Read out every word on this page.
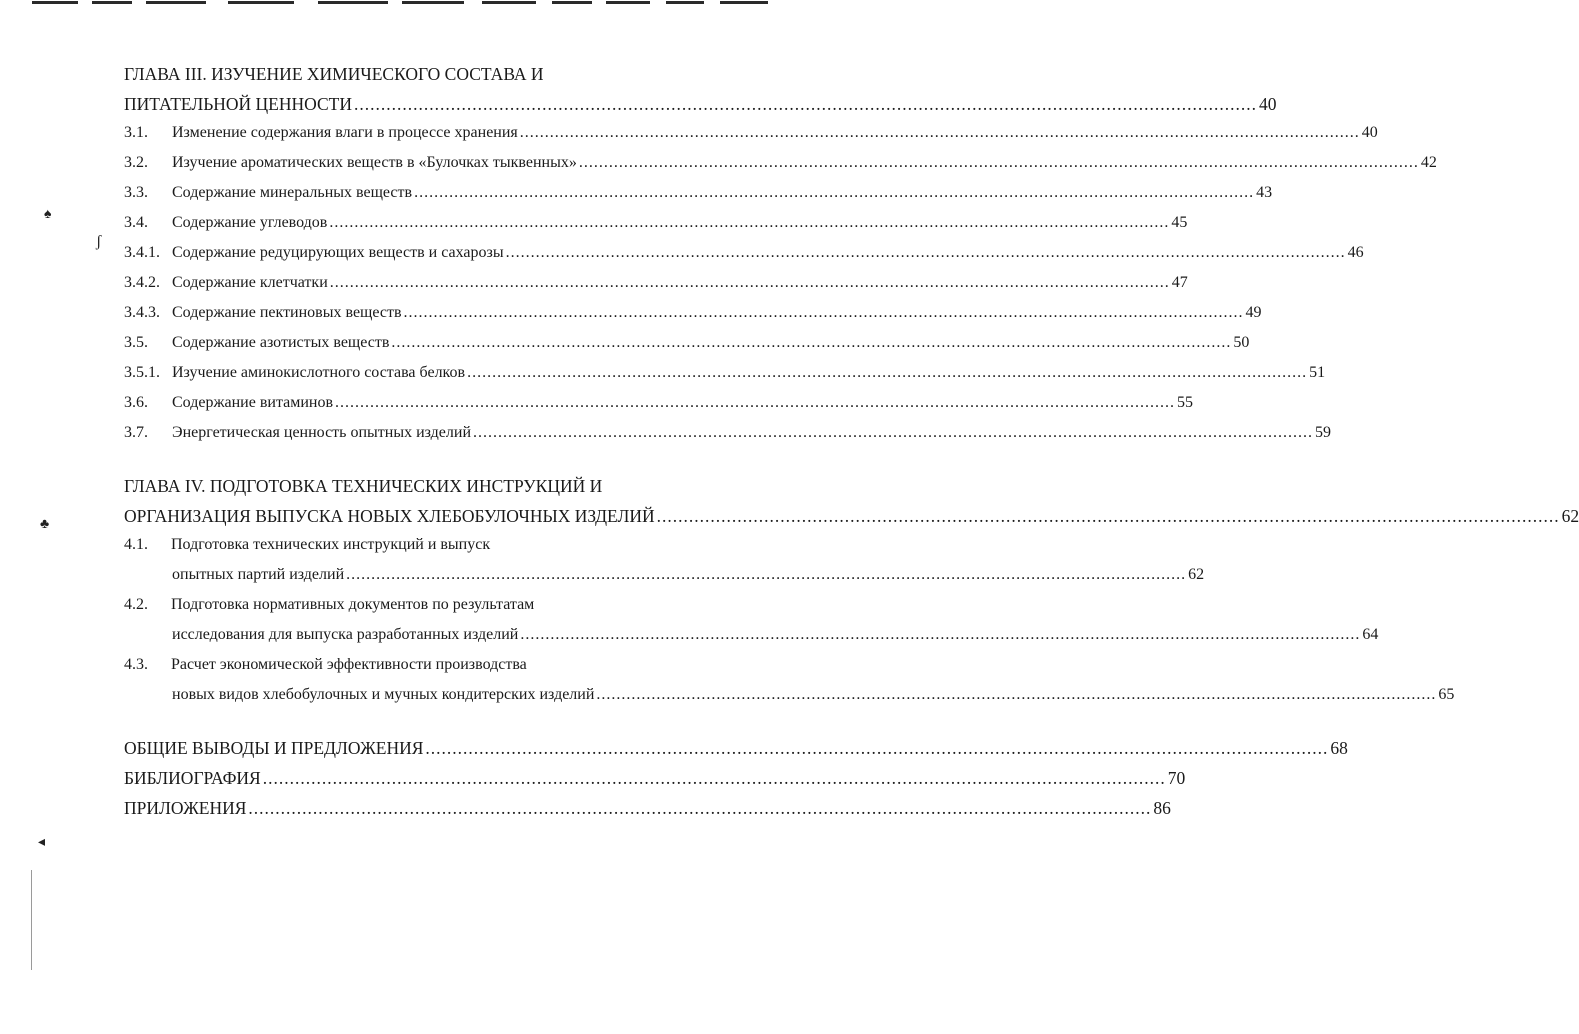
♠
ʃ
♣
◂
ГЛАВА III. ИЗУЧЕНИЕ ХИМИЧЕСКОГО СОСТАВА И
ПИТАТЕЛЬНОЙ ЦЕННОСТИ .....	40
3.1.	Изменение содержания влаги в процессе хранения .....	40
3.2.	Изучение ароматических веществ в «Булочках тыквенных» .....	42
3.3.	Содержание минеральных веществ .....	43
3.4.	Содержание углеводов .....	45
3.4.1. Содержание редуцирующих веществ и сахарозы .....	46
3.4.2. Содержание клетчатки .....	47
3.4.3. Содержание пектиновых веществ .....	49
3.5.	Содержание азотистых веществ .....	50
3.5.1. Изучение аминокислотного состава белков .....	51
3.6.	Содержание витаминов .....	55
3.7.	Энергетическая ценность опытных изделий .....	59
ГЛАВА IV. ПОДГОТОВКА ТЕХНИЧЕСКИХ ИНСТРУКЦИЙ И
ОРГАНИЗАЦИЯ ВЫПУСКА НОВЫХ ХЛЕБОБУЛОЧНЫХ ИЗДЕЛИЙ .....	62
4.1.	Подготовка технических инструкций и выпуск
опытных партий изделий .....	62
4.2.	Подготовка нормативных документов по результатам
исследования для выпуска разработанных изделий .....	64
4.3.	Расчет экономической эффективности производства
новых видов хлебобулочных и мучных кондитерских изделий .....	65
ОБЩИЕ ВЫВОДЫ И ПРЕДЛОЖЕНИЯ .....	68
БИБЛИОГРАФИЯ .....	70
ПРИЛОЖЕНИЯ .....	86
